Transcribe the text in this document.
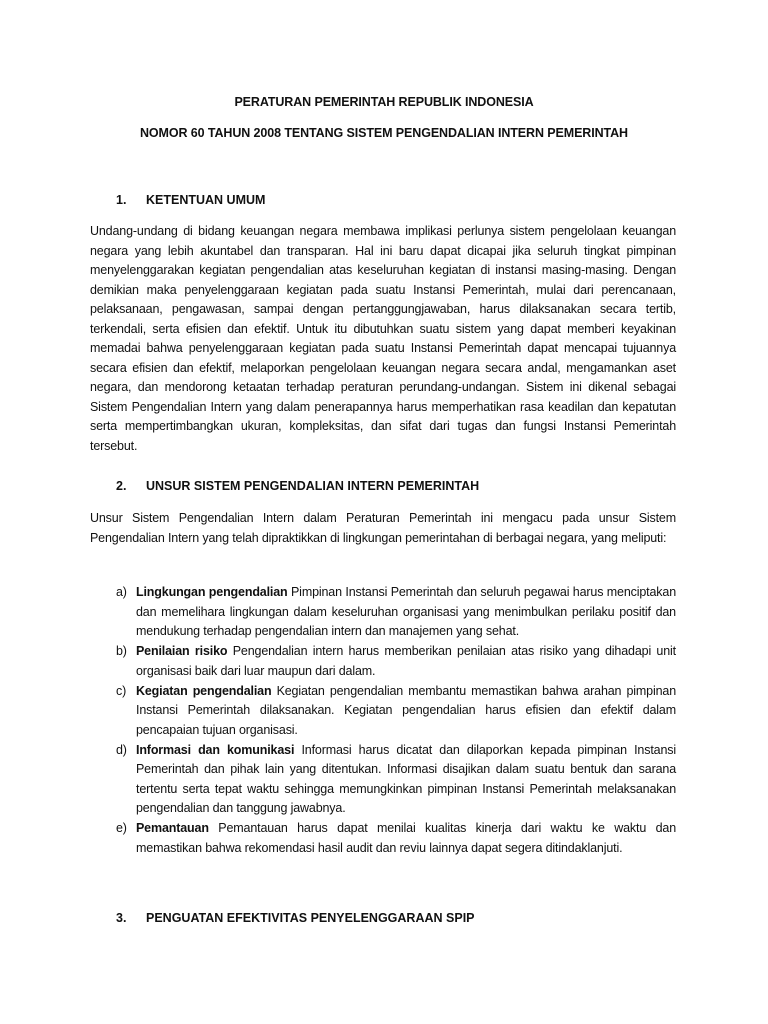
PERATURAN PEMERINTAH REPUBLIK INDONESIA
NOMOR 60 TAHUN 2008 TENTANG SISTEM PENGENDALIAN INTERN PEMERINTAH
1. KETENTUAN UMUM
Undang-undang di bidang keuangan negara membawa implikasi perlunya sistem pengelolaan keuangan negara yang lebih akuntabel dan transparan. Hal ini baru dapat dicapai jika seluruh tingkat pimpinan menyelenggarakan kegiatan pengendalian atas keseluruhan kegiatan di instansi masing-masing. Dengan demikian maka penyelenggaraan kegiatan pada suatu Instansi Pemerintah, mulai dari perencanaan, pelaksanaan, pengawasan, sampai dengan pertanggungjawaban, harus dilaksanakan secara tertib, terkendali, serta efisien dan efektif. Untuk itu dibutuhkan suatu sistem yang dapat memberi keyakinan memadai bahwa penyelenggaraan kegiatan pada suatu Instansi Pemerintah dapat mencapai tujuannya secara efisien dan efektif, melaporkan pengelolaan keuangan negara secara andal, mengamankan aset negara, dan mendorong ketaatan terhadap peraturan perundang-undangan. Sistem ini dikenal sebagai Sistem Pengendalian Intern yang dalam penerapannya harus memperhatikan rasa keadilan dan kepatutan serta mempertimbangkan ukuran, kompleksitas, dan sifat dari tugas dan fungsi Instansi Pemerintah tersebut.
2. UNSUR SISTEM PENGENDALIAN INTERN PEMERINTAH
Unsur Sistem Pengendalian Intern dalam Peraturan Pemerintah ini mengacu pada unsur Sistem Pengendalian Intern yang telah dipraktikkan di lingkungan pemerintahan di berbagai negara, yang meliputi:
a) Lingkungan pengendalian Pimpinan Instansi Pemerintah dan seluruh pegawai harus menciptakan dan memelihara lingkungan dalam keseluruhan organisasi yang menimbulkan perilaku positif dan mendukung terhadap pengendalian intern dan manajemen yang sehat.
b) Penilaian risiko Pengendalian intern harus memberikan penilaian atas risiko yang dihadapi unit organisasi baik dari luar maupun dari dalam.
c) Kegiatan pengendalian Kegiatan pengendalian membantu memastikan bahwa arahan pimpinan Instansi Pemerintah dilaksanakan. Kegiatan pengendalian harus efisien dan efektif dalam pencapaian tujuan organisasi.
d) Informasi dan komunikasi Informasi harus dicatat dan dilaporkan kepada pimpinan Instansi Pemerintah dan pihak lain yang ditentukan. Informasi disajikan dalam suatu bentuk dan sarana tertentu serta tepat waktu sehingga memungkinkan pimpinan Instansi Pemerintah melaksanakan pengendalian dan tanggung jawabnya.
e) Pemantauan Pemantauan harus dapat menilai kualitas kinerja dari waktu ke waktu dan memastikan bahwa rekomendasi hasil audit dan reviu lainnya dapat segera ditindaklanjuti.
3. PENGUATAN EFEKTIVITAS PENYELENGGARAAN SPIP
